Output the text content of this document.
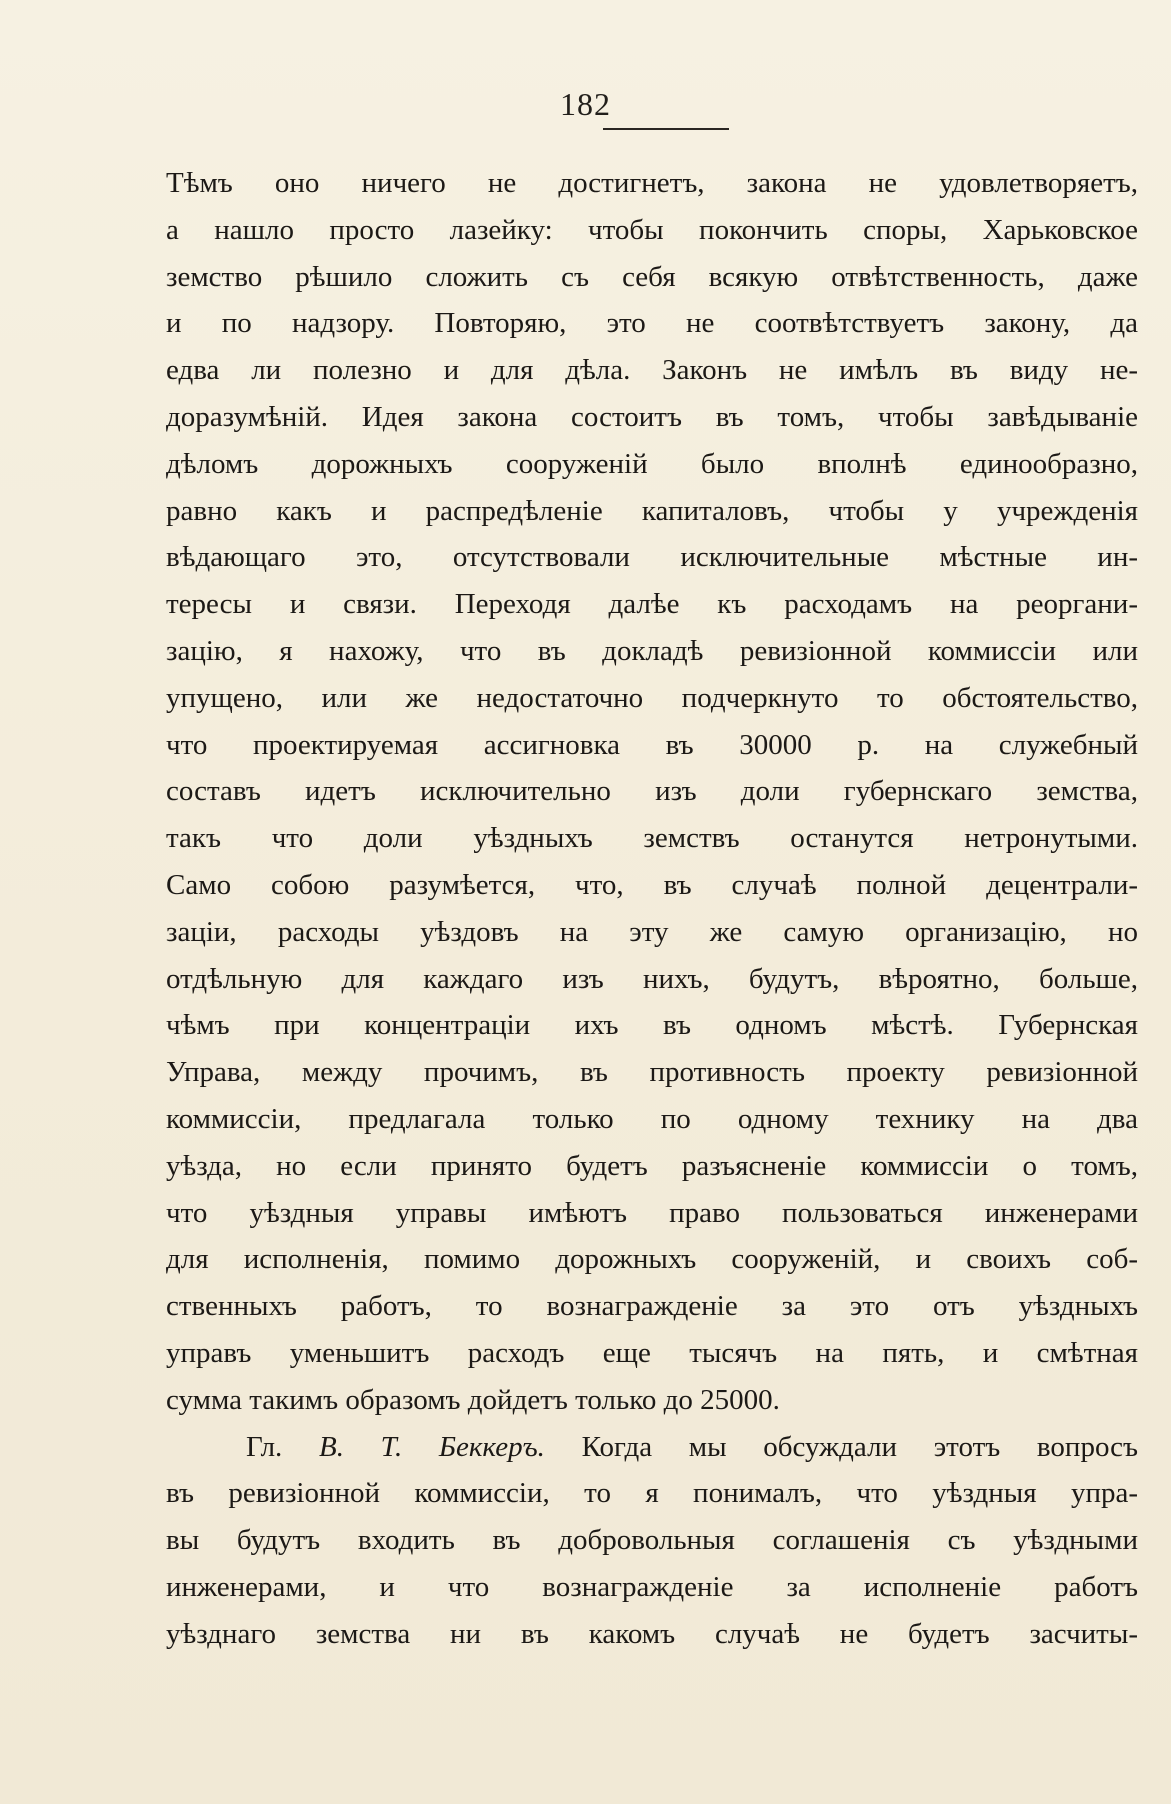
182
Тѣмъ оно ничего не достигнетъ, закона не удовлетворяетъ,
а нашло просто лазейку: чтобы покончить споры, Харьковское
земство рѣшило сложить съ себя всякую отвѣтственность, даже
и по надзору. Повторяю, это не соотвѣтствуетъ закону, да
едва ли полезно и для дѣла. Законъ не имѣлъ въ виду не-
доразумѣній. Идея закона состоитъ въ томъ, чтобы завѣдываніе
дѣломъ дорожныхъ сооруженій было вполнѣ единообразно,
равно какъ и распредѣленіе капиталовъ, чтобы у учрежденія
вѣдающаго это, отсутствовали исключительные мѣстные ин-
тересы и связи. Переходя далѣе къ расходамъ на реоргани-
зацію, я нахожу, что въ докладѣ ревизіонной коммиссіи или
упущено, или же недостаточно подчеркнуто то обстоятельство,
что проектируемая ассигновка въ 30000 р. на служебный
составъ идетъ исключительно изъ доли губернскаго земства,
такъ что доли уѣздныхъ земствъ останутся нетронутыми.
Само собою разумѣется, что, въ случаѣ полной децентрали-
заціи, расходы уѣздовъ на эту же самую организацію, но
отдѣльную для каждаго изъ нихъ, будутъ, вѣроятно, больше,
чѣмъ при концентраціи ихъ въ одномъ мѣстѣ. Губернская
Управа, между прочимъ, въ противность проекту ревизіонной
коммиссіи, предлагала только по одному технику на два
уѣзда, но если принято будетъ разъясненіе коммиссіи о томъ,
что уѣздныя управы имѣютъ право пользоваться инженерами
для исполненія, помимо дорожныхъ сооруженій, и своихъ соб-
ственныхъ работъ, то вознагражденіе за это отъ уѣздныхъ
управъ уменьшитъ расходъ еще тысячъ на пять, и смѣтная
сумма такимъ образомъ дойдетъ только до 25000.
Гл. В. Т. Беккеръ. Когда мы обсуждали этотъ вопросъ
въ ревизіонной коммиссіи, то я понималъ, что уѣздныя упра-
вы будутъ входить въ добровольныя соглашенія съ уѣздными
инженерами, и что вознагражденіе за исполненіе работъ
уѣзднаго земства ни въ какомъ случаѣ не будетъ засчиты-
